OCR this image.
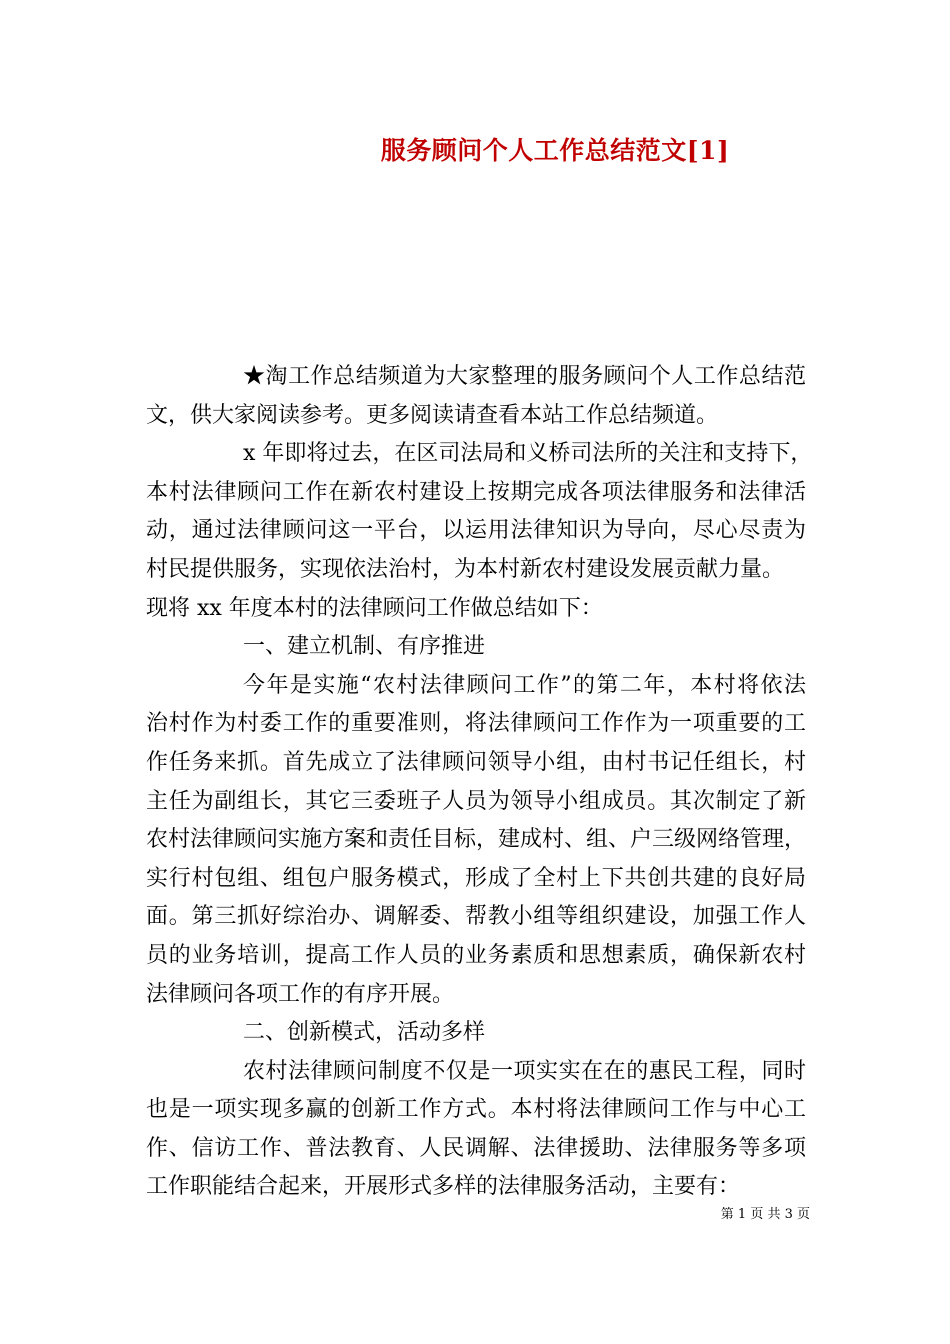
服务顾问个人工作总结范文[1]
★淘工作总结频道为大家整理的服务顾问个人工作总结范
文，供大家阅读参考。更多阅读请查看本站工作总结频道。
x 年即将过去，在区司法局和义桥司法所的关注和支持下，
本村法律顾问工作在新农村建设上按期完成各项法律服务和法律活
动，通过法律顾问这一平台，以运用法律知识为导向，尽心尽责为
村民提供服务，实现依法治村，为本村新农村建设发展贡献力量。
现将 xx 年度本村的法律顾问工作做总结如下：
一、建立机制、有序推进
今年是实施“农村法律顾问工作”的第二年，本村将依法
治村作为村委工作的重要准则，将法律顾问工作作为一项重要的工
作任务来抓。首先成立了法律顾问领导小组，由村书记任组长，村
主任为副组长，其它三委班子人员为领导小组成员。其次制定了新
农村法律顾问实施方案和责任目标，建成村、组、户三级网络管理，
实行村包组、组包户服务模式，形成了全村上下共创共建的良好局
面。第三抓好综治办、调解委、帮教小组等组织建设，加强工作人
员的业务培训，提高工作人员的业务素质和思想素质，确保新农村
法律顾问各项工作的有序开展。
二、创新模式，活动多样
农村法律顾问制度不仅是一项实实在在的惠民工程，同时
也是一项实现多赢的创新工作方式。本村将法律顾问工作与中心工
作、信访工作、普法教育、人民调解、法律援助、法律服务等多项
工作职能结合起来，开展形式多样的法律服务活动，主要有：
第 1 页 共 3 页
